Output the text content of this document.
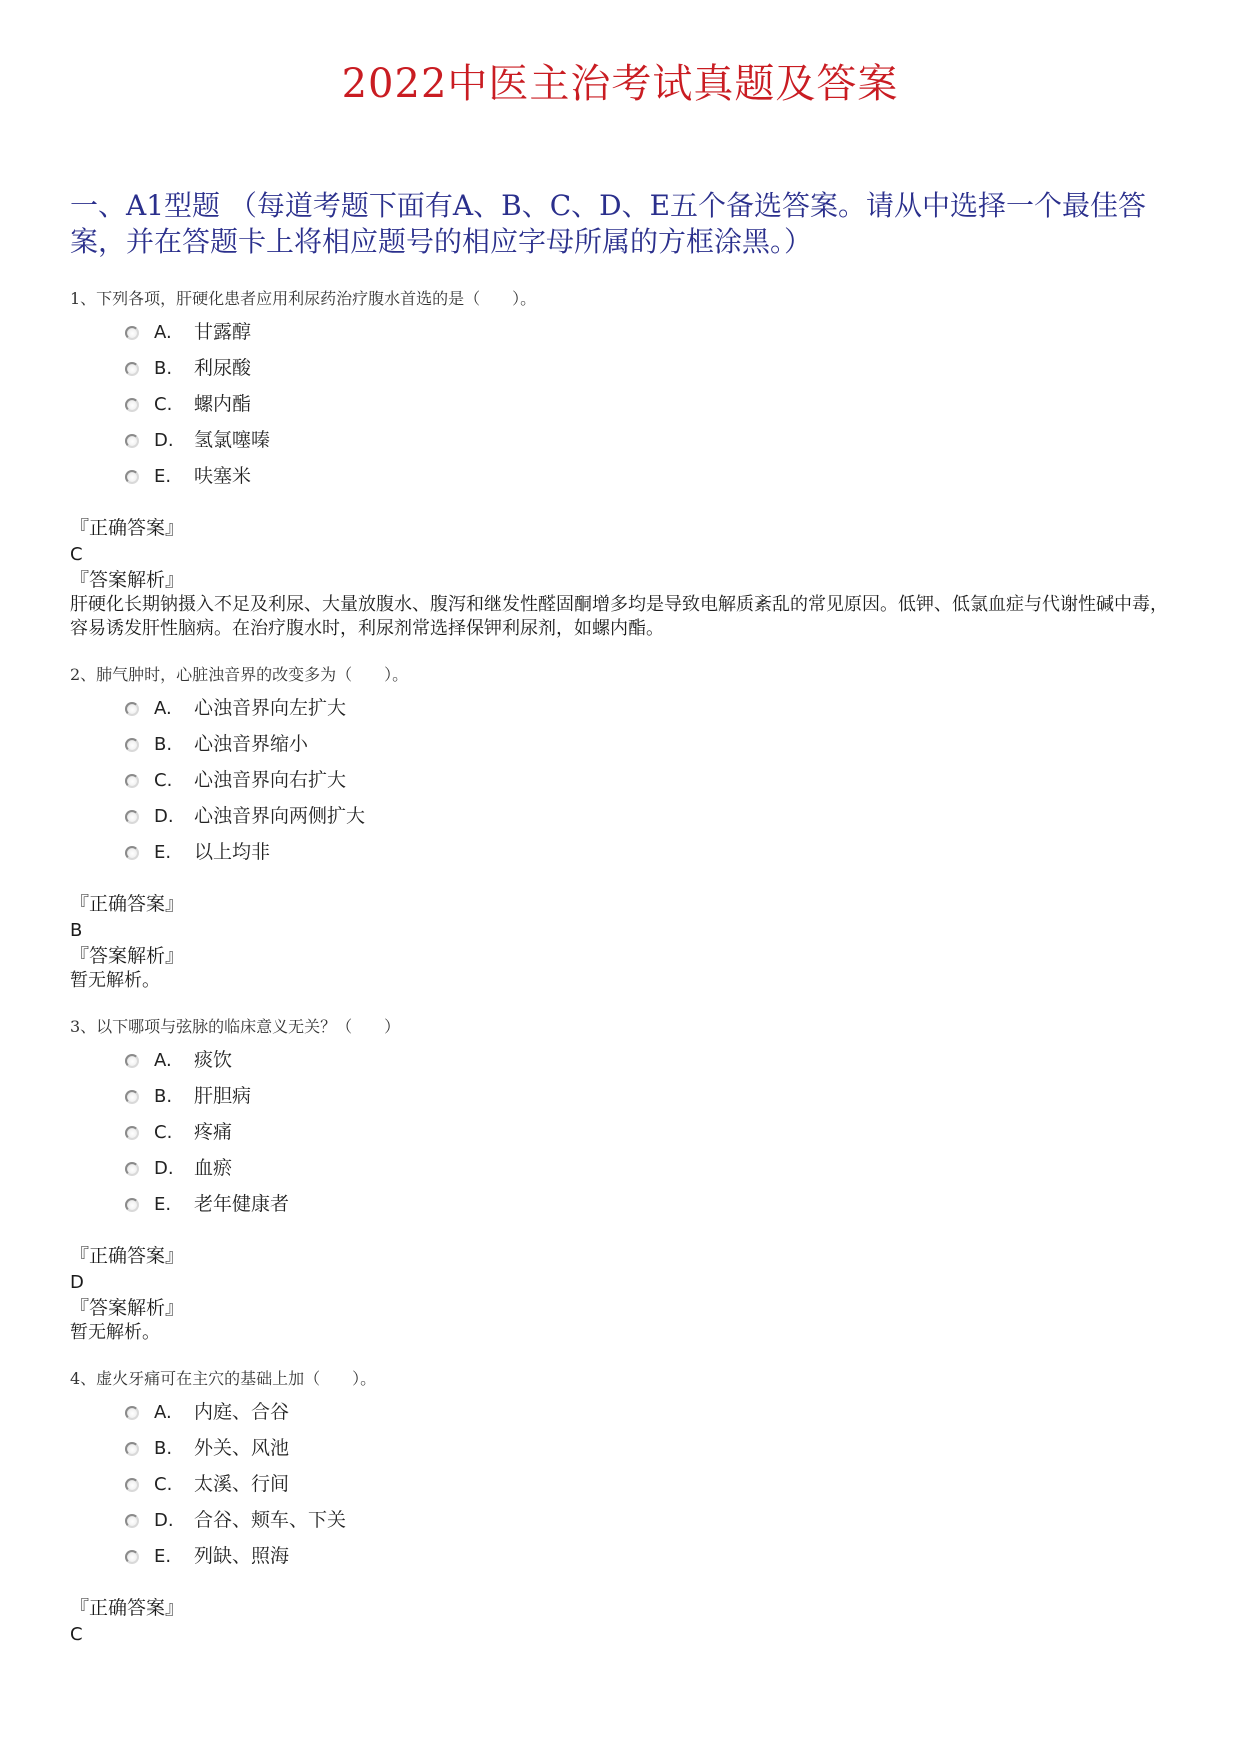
2022中医主治考试真题及答案
一、A1型题 （每道考题下面有A、B、C、D、E五个备选答案。请从中选择一个最佳答案，并在答题卡上将相应题号的相应字母所属的方框涂黑。）
1、下列各项，肝硬化患者应用利尿药治疗腹水首选的是（　　）。
A. 甘露醇
B. 利尿酸
C. 螺内酯
D. 氢氯噻嗪
E. 呋塞米
『正确答案』
C
『答案解析』
肝硬化长期钠摄入不足及利尿、大量放腹水、腹泻和继发性醛固酮增多均是导致电解质紊乱的常见原因。低钾、低氯血症与代谢性碱中毒，容易诱发肝性脑病。在治疗腹水时，利尿剂常选择保钾利尿剂，如螺内酯。
2、肺气肿时，心脏浊音界的改变多为（　　）。
A. 心浊音界向左扩大
B. 心浊音界缩小
C. 心浊音界向右扩大
D. 心浊音界向两侧扩大
E. 以上均非
『正确答案』
B
『答案解析』
暂无解析。
3、以下哪项与弦脉的临床意义无关？（　　）
A. 痰饮
B. 肝胆病
C. 疼痛
D. 血瘀
E. 老年健康者
『正确答案』
D
『答案解析』
暂无解析。
4、虚火牙痛可在主穴的基础上加（　　）。
A. 内庭、合谷
B. 外关、风池
C. 太溪、行间
D. 合谷、颊车、下关
E. 列缺、照海
『正确答案』
C
